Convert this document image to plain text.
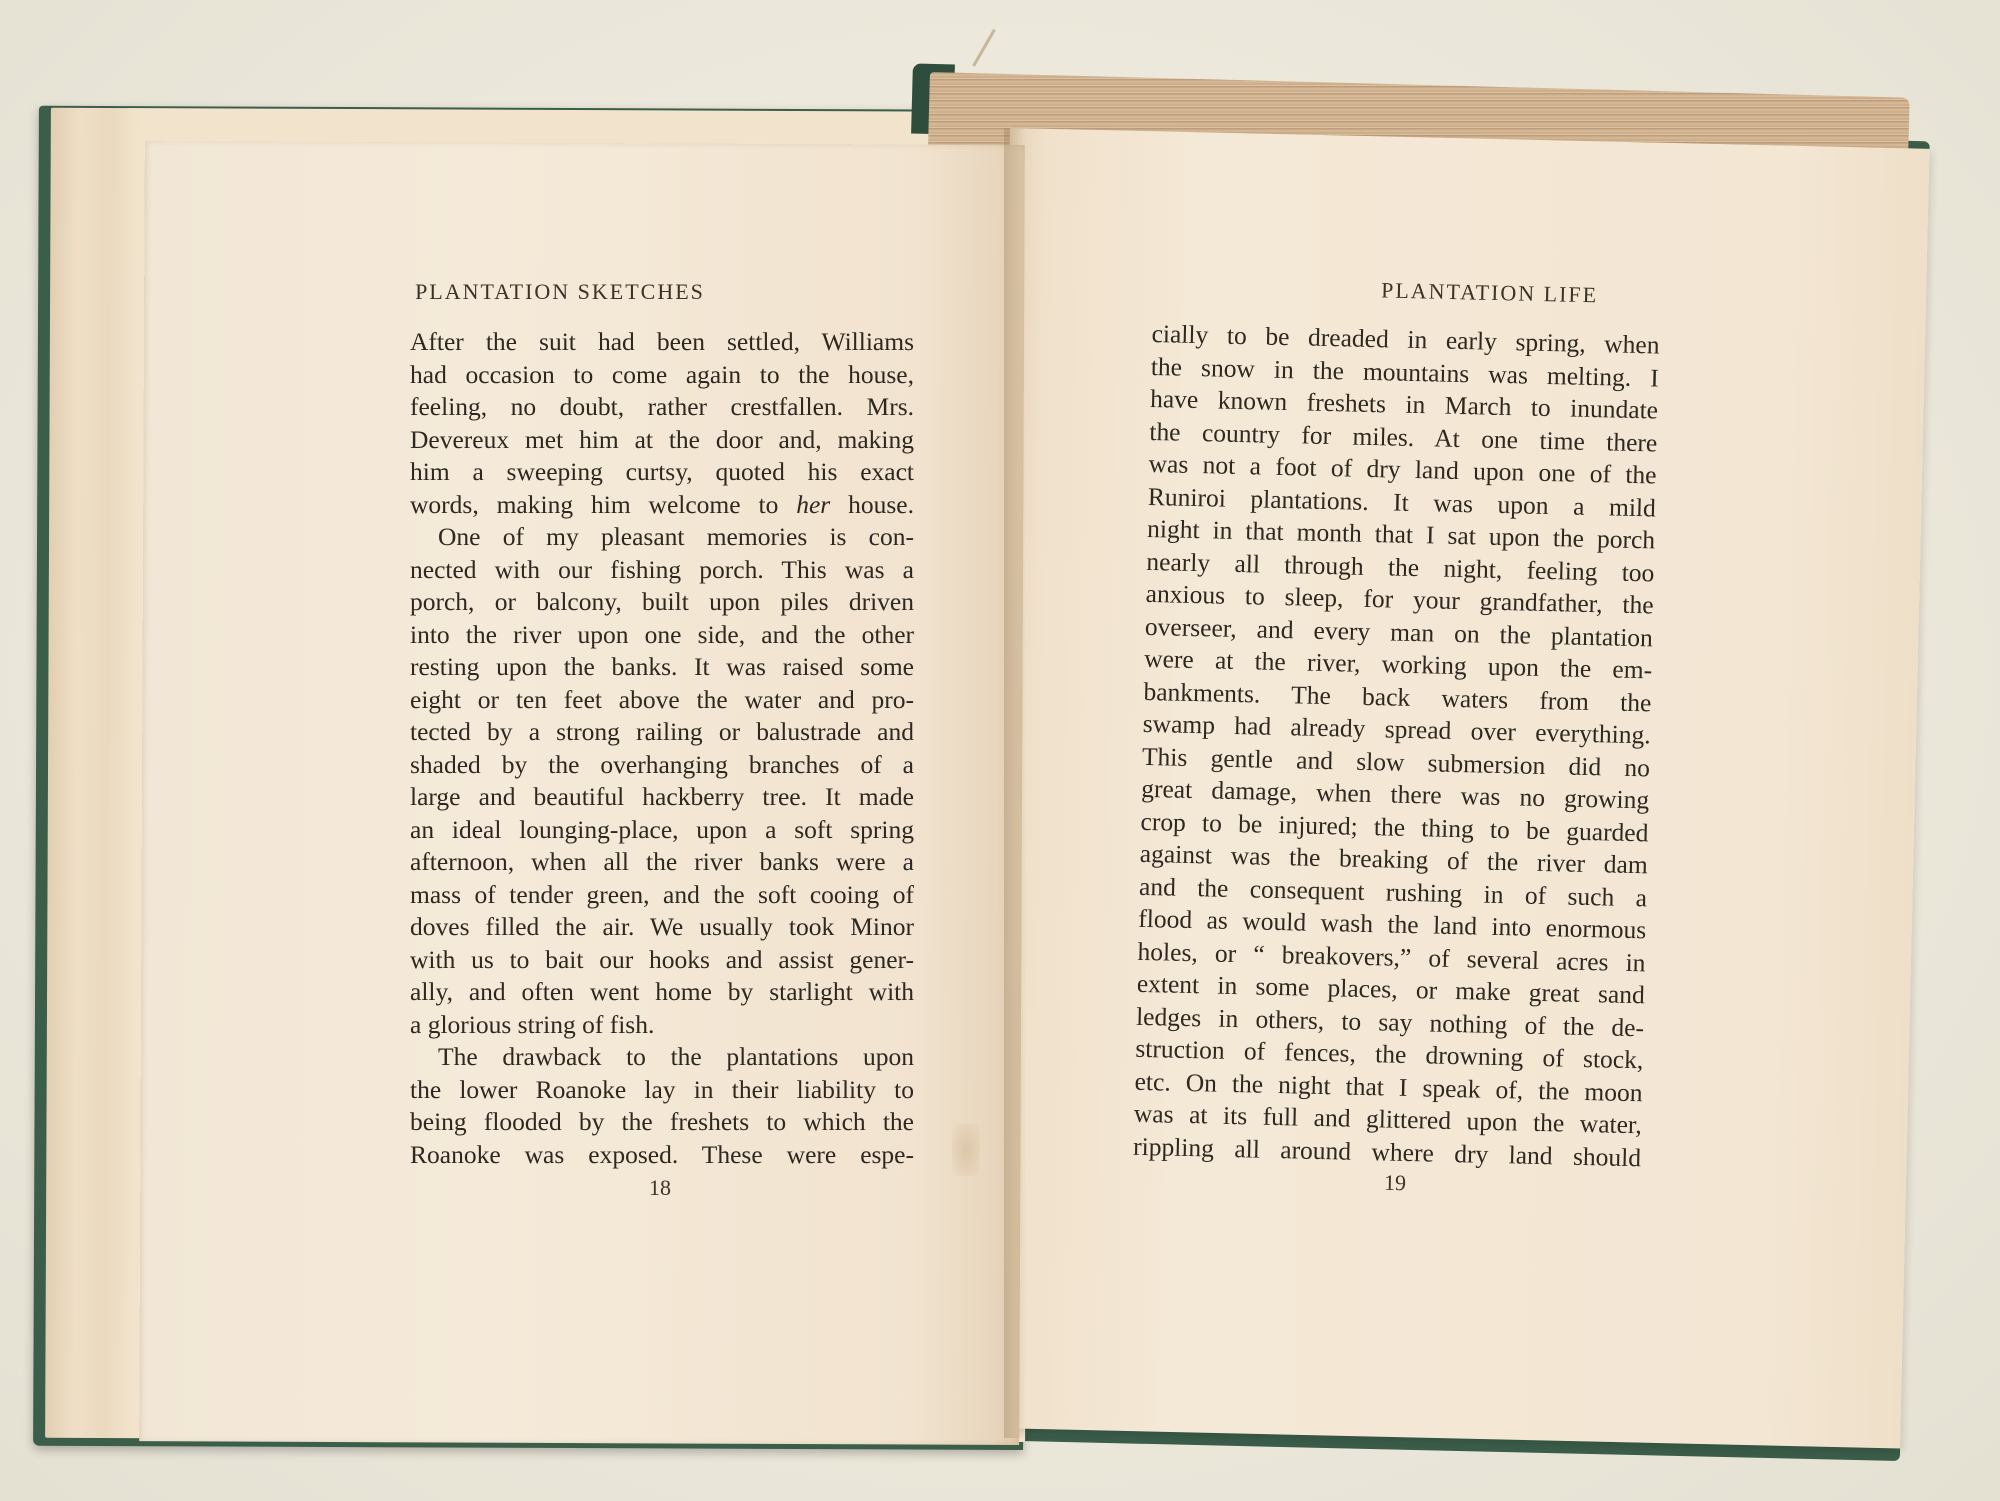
PLANTATION SKETCHES
After the suit had been settled, Williams
had occasion to come again to the house,
feeling, no doubt, rather crestfallen. Mrs.
Devereux met him at the door and, making
him a sweeping curtsy, quoted his exact
words, making him welcome to her house.
One of my pleasant memories is con-
nected with our fishing porch. This was a
porch, or balcony, built upon piles driven
into the river upon one side, and the other
resting upon the banks. It was raised some
eight or ten feet above the water and pro-
tected by a strong railing or balustrade and
shaded by the overhanging branches of a
large and beautiful hackberry tree. It made
an ideal lounging-place, upon a soft spring
afternoon, when all the river banks were a
mass of tender green, and the soft cooing of
doves filled the air. We usually took Minor
with us to bait our hooks and assist gener-
ally, and often went home by starlight with
a glorious string of fish.
The drawback to the plantations upon
the lower Roanoke lay in their liability to
being flooded by the freshets to which the
Roanoke was exposed. These were espe-
18
PLANTATION LIFE
cially to be dreaded in early spring, when
the snow in the mountains was melting. I
have known freshets in March to inundate
the country for miles. At one time there
was not a foot of dry land upon one of the
Runiroi plantations. It was upon a mild
night in that month that I sat upon the porch
nearly all through the night, feeling too
anxious to sleep, for your grandfather, the
overseer, and every man on the plantation
were at the river, working upon the em-
bankments. The back waters from the
swamp had already spread over everything.
This gentle and slow submersion did no
great damage, when there was no growing
crop to be injured; the thing to be guarded
against was the breaking of the river dam
and the consequent rushing in of such a
flood as would wash the land into enormous
holes, or “ breakovers,” of several acres in
extent in some places, or make great sand
ledges in others, to say nothing of the de-
struction of fences, the drowning of stock,
etc. On the night that I speak of, the moon
was at its full and glittered upon the water,
rippling all around where dry land should
19
